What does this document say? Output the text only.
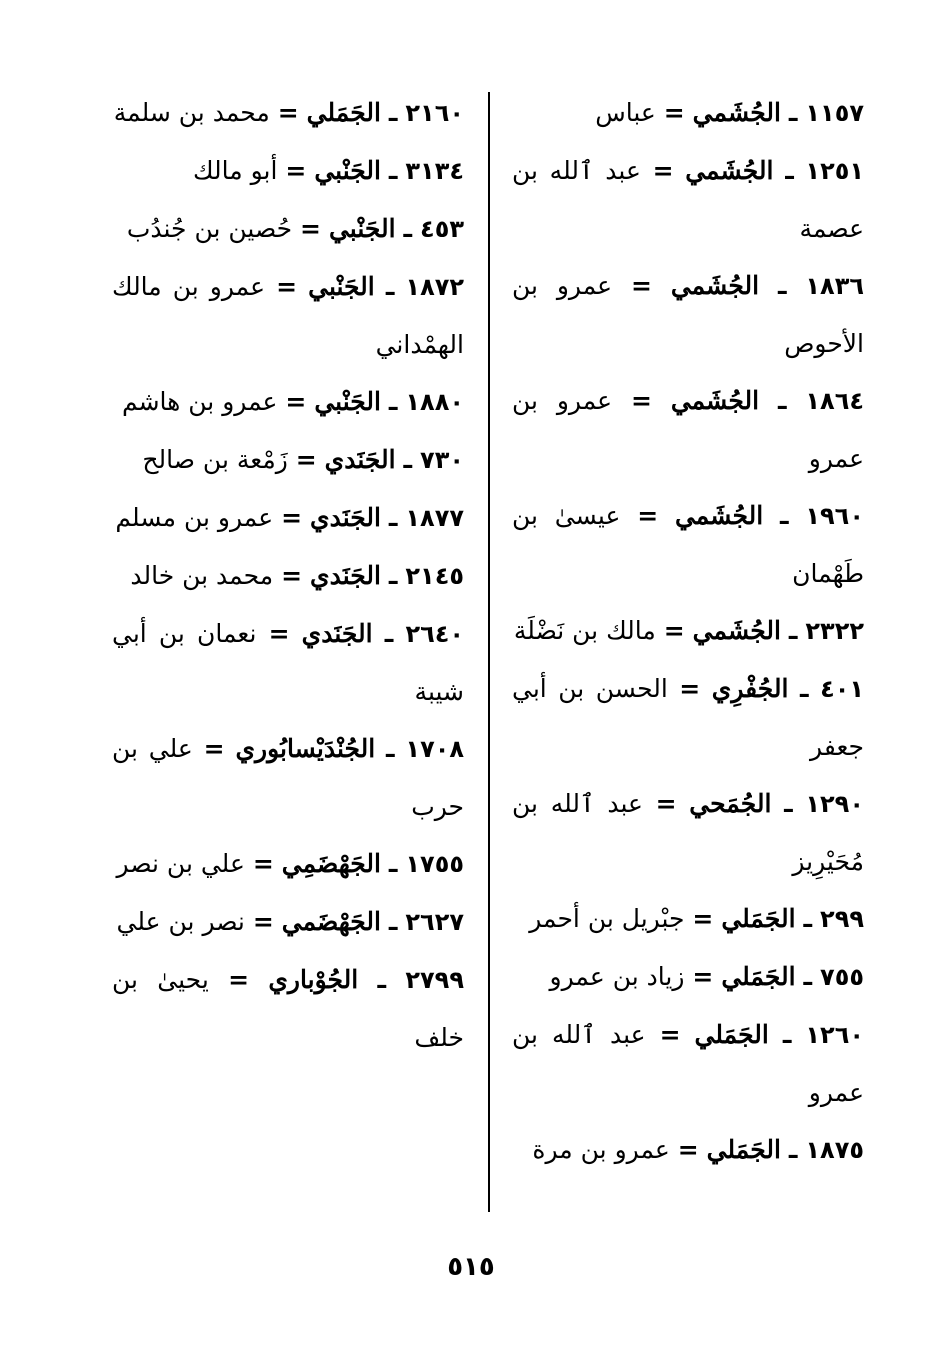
١١٥٧ ـ الجُشَمي = عباس

١٢٥١ ـ الجُشَمي = عبد ٱلله بن عصمة

١٨٣٦ ـ الجُشَمي = عمرو بن الأحوص

١٨٦٤ ـ الجُشَمي = عمرو بن عمرو

١٩٦٠ ـ الجُشَمي = عيسىٰ بن طَهْمان

٢٣٢٢ ـ الجُشَمي = مالك بن نَضْلَة

٤٠١ ـ الجُفْرِي = الحسن بن أبي جعفر

١٢٩٠ ـ الجُمَحي = عبد ٱلله بن مُحَيْرِيز

٢٩٩ ـ الجَمَلي = جبْريل بن أحمر

٧٥٥ ـ الجَمَلي = زياد بن عمرو

١٢٦٠ ـ الجَمَلي = عبد ٱلله بن عمرو

١٨٧٥ ـ الجَمَلي = عمرو بن مرة

٢١٦٠ ـ الجَمَلي = محمد بن سلمة

٣١٣٤ ـ الجَنْبي = أبو مالك

٤٥٣ ـ الجَنْبي = حُصين بن جُندُب

١٨٧٢ ـ الجَنْبي = عمرو بن مالك الهمْداني

١٨٨٠ ـ الجَنْبي = عمرو بن هاشم

٧٣٠ ـ الجَنَدي = زَمْعة بن صالح

١٨٧٧ ـ الجَنَدي = عمرو بن مسلم

٢١٤٥ ـ الجَنَدي = محمد بن خالد

٢٦٤٠ ـ الجَنَدي = نعمان بن أبي شيبة

١٧٠٨ ـ الجُنْدَيْسابُوري = علي بن حرب

١٧٥٥ ـ الجَهْضَمِي = علي بن نصر

٢٦٢٧ ـ الجَهْضَمي = نصر بن علي

٢٧٩٩ ـ الجُوْباري = يحيىٰ بن خلف

٥١٥
